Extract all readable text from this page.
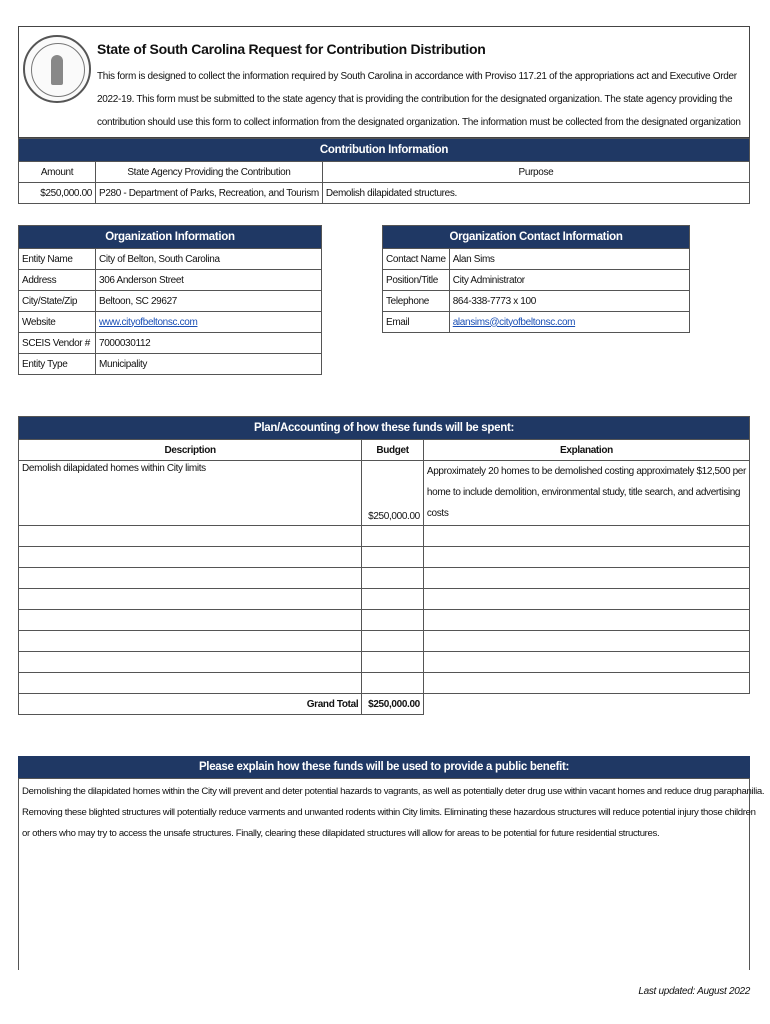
State of South Carolina Request for Contribution Distribution
This form is designed to collect the information required by South Carolina in accordance with Proviso 117.21 of the appropriations act and Executive Order 2022-19. This form must be submitted to the state agency that is providing the contribution for the designated organization. The state agency providing the contribution should use this form to collect information from the designated organization. The information must be collected from the designated organization
Contribution Information		
Amount	State Agency Providing the Contribution	Purpose
$250,000.00	P280 - Department of Parks, Recreation, and Tourism	Demolish dilapidated structures.
Organization Information	
Entity Name	City of Belton, South Carolina
Address	306 Anderson Street
City/State/Zip	Beltoon, SC 29627
Website	www.cityofbeltonsc.com
SCEIS Vendor #	7000030112
Entity Type	Municipality
Organization Contact Information	
Contact Name	Alan Sims
Position/Title	City Administrator
Telephone	864-338-7773 x 100
Email	alansims@cityofbeltonsc.com
Plan/Accounting of how these funds will be spent:		
Description	Budget	Explanation
Demolish dilapidated homes within City limits	$250,000.00	Approximately 20 homes to be demolished costing approximately $12,500 per
home to include demolition, environmental study, title search, and advertising
costs

Grand Total	$250,000.00	
Please explain how these funds will be used to provide a public benefit:
Demolishing the dilapidated homes within the City will prevent and deter potential hazards to vagrants, as well as potentially deter drug use within vacant homes and reduce drug paraphanilia.
Removing these blighted structures will potentially reduce varments and unwanted rodents within City limits. Eliminating these hazardous structures will reduce potential injury those children
or others who may try to access the unsafe structures. Finally, clearing these dilapidated structures will allow for areas to be potential for future residential structures.
Last updated: August 2022
